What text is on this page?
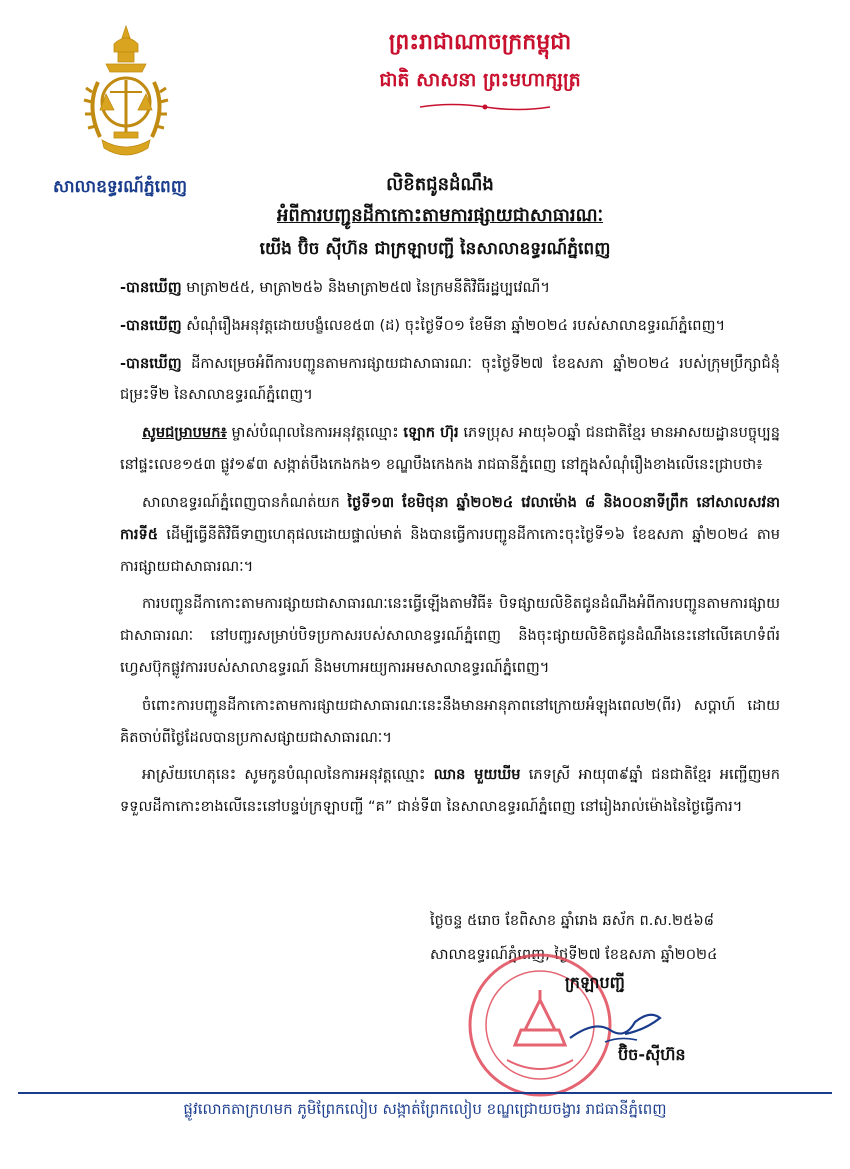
សាលាឧទ្ធរណ៍ភ្នំពេញ
ព្រះរាជាណាចក្រកម្ពុជា
ជាតិ សាសនា ព្រះមហាក្សត្រ
លិខិតជូនដំណឹង
អំពីការបញ្ជូនដីកាកោះតាមការផ្សាយជាសាធារណៈ
យើង ប៊ិច ស៊ីហ៊ន ជាក្រឡាបញ្ជី នៃសាលាឧទ្ធរណ៍ភ្នំពេញ

-បានឃើញ មាត្រា២៥៥, មាត្រា២៥៦ និងមាត្រា២៥៧ នៃក្រមនីតិវិធីរដ្ឋប្បវេណី។

-បានឃើញ សំណុំរឿងអនុវត្តដោយបង្ខំលេខ៥៣ (ដ) ចុះថ្ងៃទី០១ ខែមីនា ឆ្នាំ២០២៤ របស់សាលាឧទ្ធរណ៍ភ្នំពេញ។

-បានឃើញ ដីកាសម្រេចអំពីការបញ្ជូនតាមការផ្សាយជាសាធារណៈ ចុះថ្ងៃទី២៧ ខែឧសភា ឆ្នាំ២០២៤ របស់ក្រុមប្រឹក្សាជំនុំជម្រះទី២ នៃសាលាឧទ្ធរណ៍ភ្នំពេញ។

សូមជម្រាបមក៖ ម្ចាស់បំណុលនៃការអនុវត្តឈ្មោះ ឡោក ហ៊ុរ ភេទប្រុស អាយុ៦០ឆ្នាំ ជនជាតិខ្មែរ មានអាសយដ្ឋានបច្ចុប្បន្ននៅផ្ទះលេខ១៥៣ ផ្លូវ១៩៣ សង្កាត់បឹងកេងកង១ ខណ្ឌបឹងកេងកង រាជធានីភ្នំពេញ នៅក្នុងសំណុំរឿងខាងលើនេះជ្រាបថា៖

សាលាឧទ្ធរណ៍ភ្នំពេញបានកំណត់យក ថ្ងៃទី១៣ ខែមិថុនា ឆ្នាំ២០២៤ វេលាម៉ោង ៨ និង០០នាទីព្រឹក នៅសាលសវនាការទី៥ ដើម្បីធ្វើនីតិវិធីទាញហេតុផលដោយផ្ទាល់មាត់ និងបានធ្វើការបញ្ជូនដីកាកោះចុះថ្ងៃទី១៦ ខែឧសភា ឆ្នាំ២០២៤ តាមការផ្សាយជាសាធារណៈ។

ការបញ្ជូនដីកាកោះតាមការផ្សាយជាសាធារណៈនេះធ្វើឡើងតាមវិធី៖ បិទផ្សាយលិខិតជូនដំណឹងអំពីការបញ្ជូនតាមការផ្សាយជាសាធារណៈ នៅបញ្ជរសម្រាប់បិទប្រកាសរបស់សាលាឧទ្ធរណ៍ភ្នំពេញ និងចុះផ្សាយលិខិតជូនដំណឹងនេះនៅលើគេហទំព័រហ្វេសប៊ុកផ្លូវការរបស់សាលាឧទ្ធរណ៍ និងមហាអយ្យការអមសាលាឧទ្ធរណ៍ភ្នំពេញ។

ចំពោះការបញ្ជូនដីកាកោះតាមការផ្សាយជាសាធារណៈនេះនឹងមានអានុភាពនៅក្រោយអំឡុងពេល២(ពីរ) សប្តាហ៍ ដោយគិតចាប់ពីថ្ងៃដែលបានប្រកាសផ្សាយជាសាធារណៈ។

អាស្រ័យហេតុនេះ សូមកូនបំណុលនៃការអនុវត្តឈ្មោះ ឈាន មួយឃីម ភេទស្រី អាយុ៣៩ឆ្នាំ ជនជាតិខ្មែរ អញ្ជើញមកទទួលដីកាកោះខាងលើនេះនៅបន្ទប់ក្រឡាបញ្ជី “គ” ជាន់ទី៣ នៃសាលាឧទ្ធរណ៍ភ្នំពេញ នៅរៀងរាល់ម៉ោងនៃថ្ងៃធ្វើការ។

ថ្ងៃចន្ទ ៥រោច ខែពិសាខ ឆ្នាំរោង ឆស័ក ព.ស.២៥៦៨
សាលាឧទ្ធរណ៍ភ្នំពេញ, ថ្ងៃទី២៧ ខែឧសភា ឆ្នាំ២០២៤
ក្រឡាបញ្ជី
ប៊ិច-ស៊ីហ៊ន
ផ្លូវលោកតាក្រហមក ភូមិព្រែកលៀប សង្កាត់ព្រែកលៀប ខណ្ឌជ្រោយចង្វារ រាជធានីភ្នំពេញ
